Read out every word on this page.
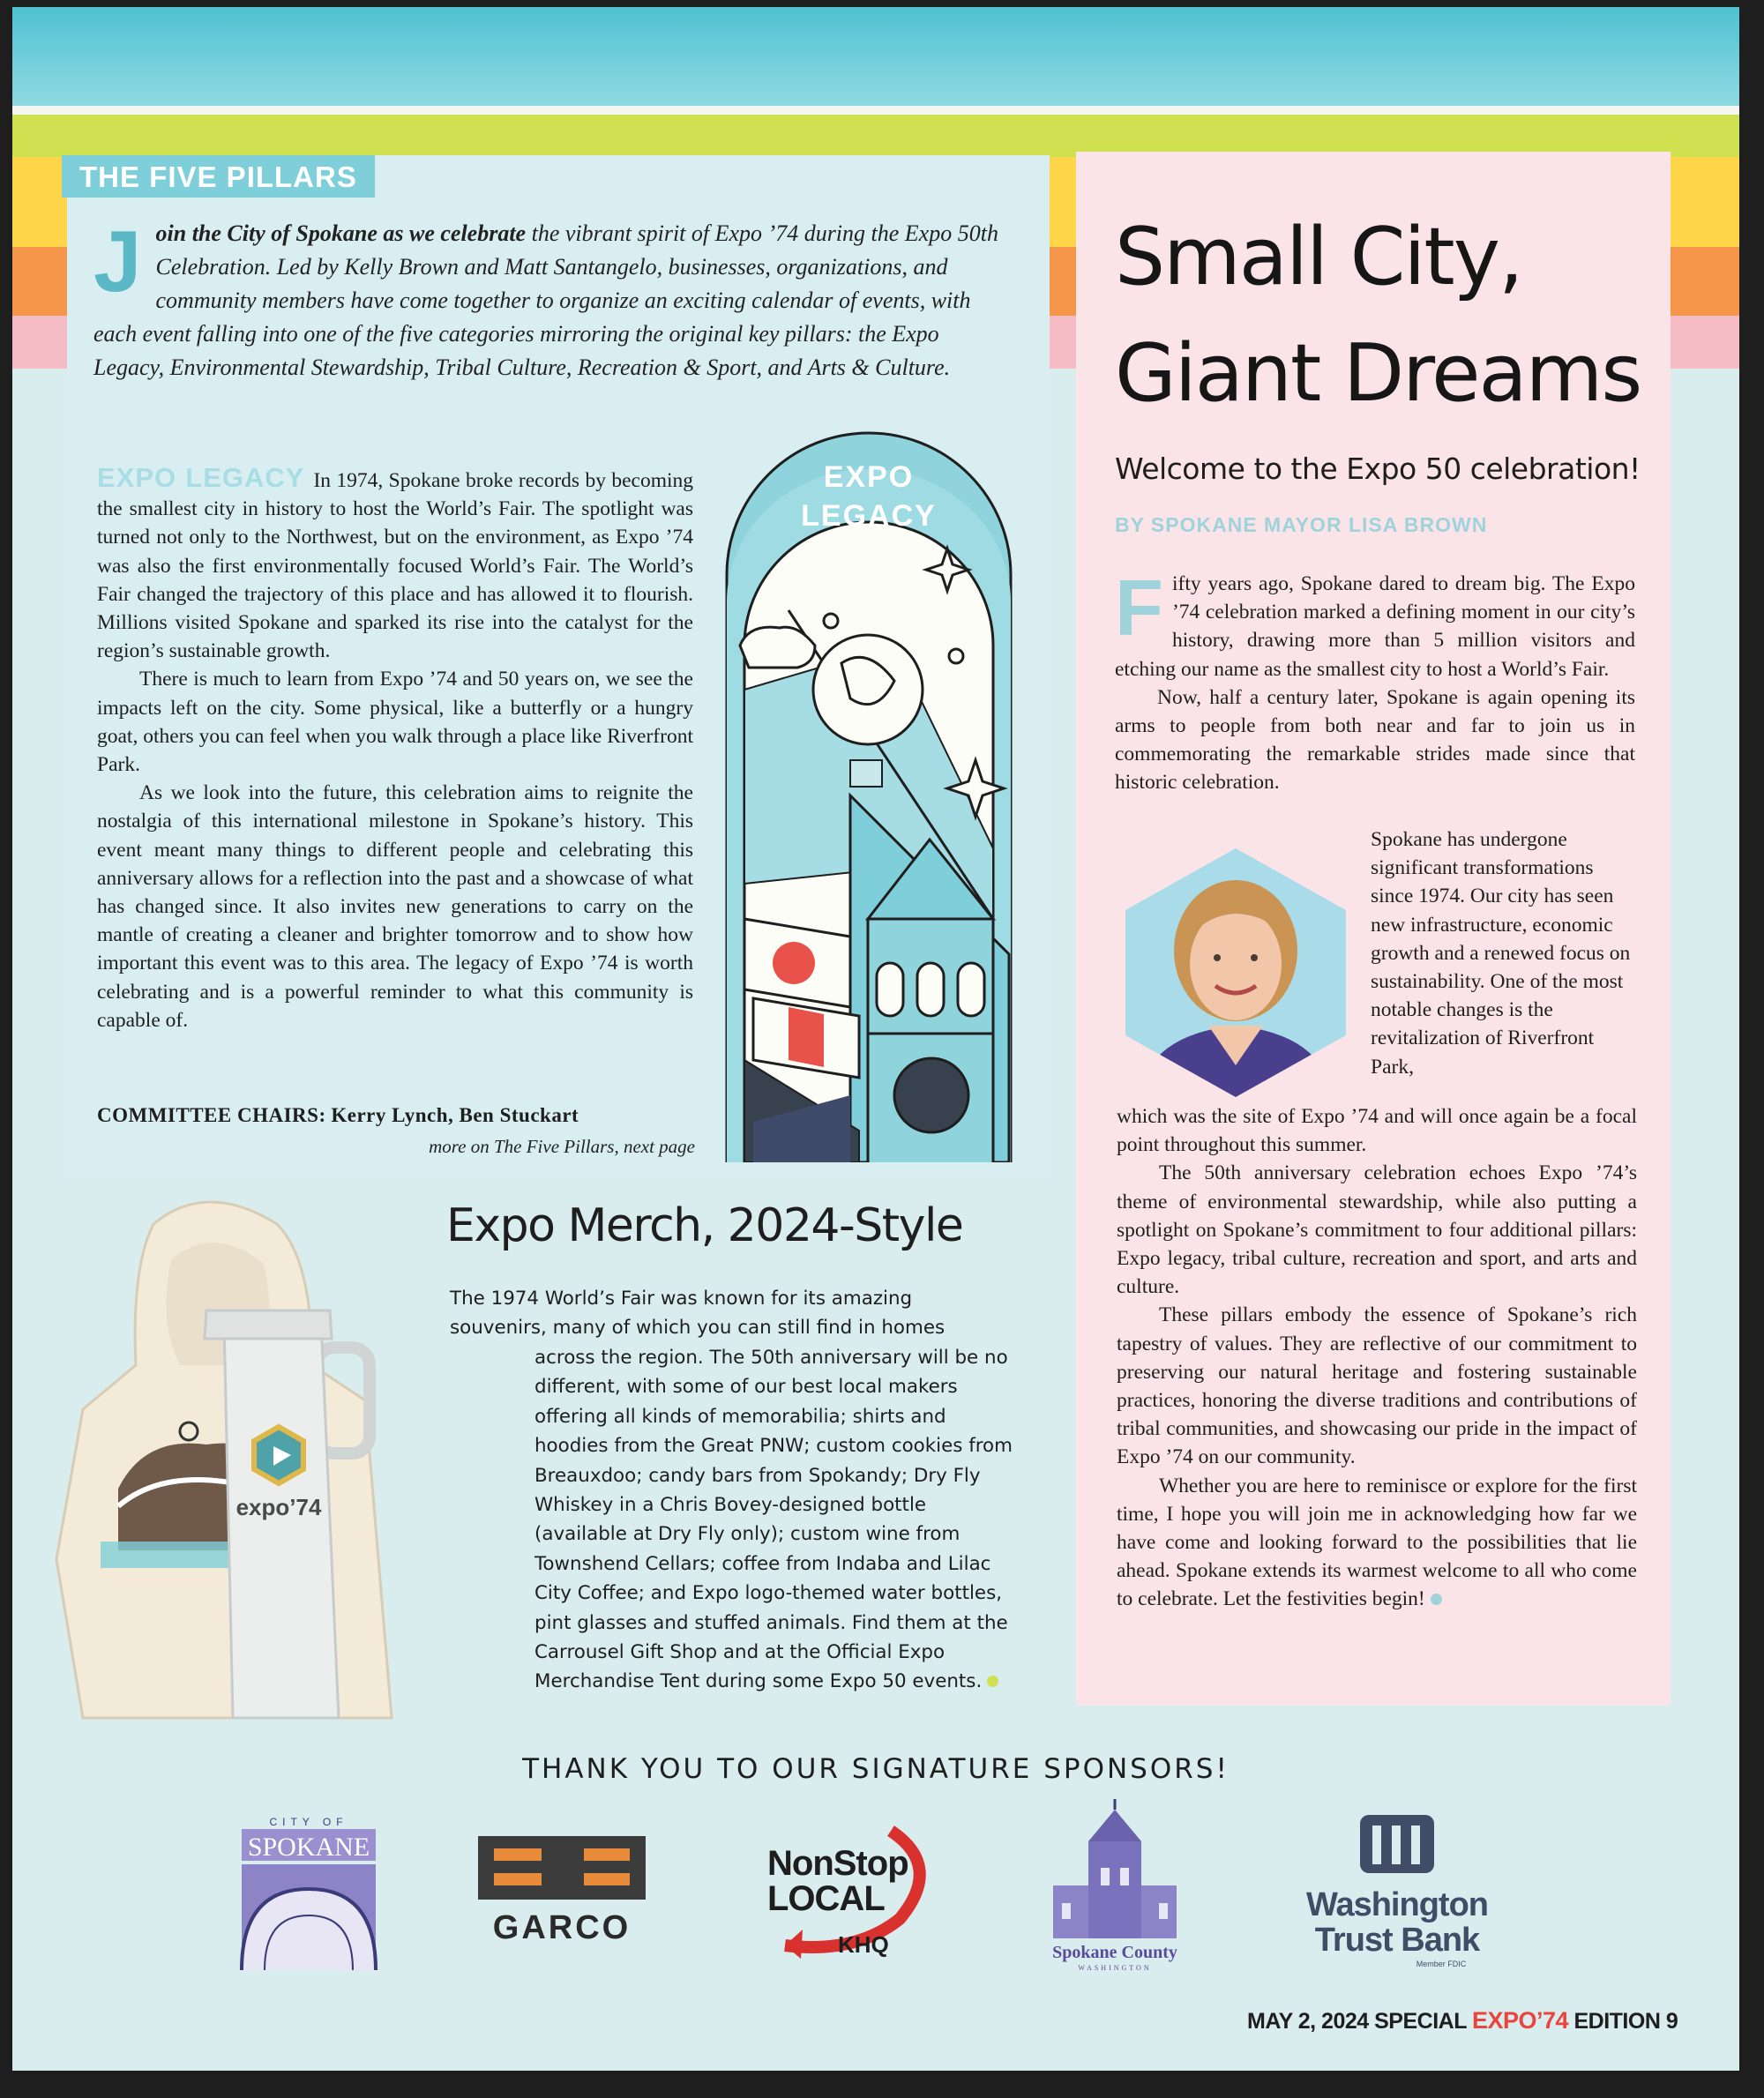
THE FIVE PILLARS
Join the City of Spokane as we celebrate the vibrant spirit of Expo ’74 during the Expo 50th Celebration. Led by Kelly Brown and Matt Santangelo, businesses, organizations, and community members have come together to organize an exciting calendar of events, with each event falling into one of the five categories mirroring the original key pillars: the Expo Legacy, Environmental Stewardship, Tribal Culture, Recreation & Sport, and Arts & Culture.

EXPO LEGACY In 1974, Spokane broke records by becoming the smallest city in history to host the World’s Fair. The spotlight was turned not only to the Northwest, but on the environment, as Expo ’74 was also the first environmentally focused World’s Fair. The World’s Fair changed the trajectory of this place and has allowed it to flourish. Millions visited Spokane and sparked its rise into the catalyst for the region’s sustainable growth.

There is much to learn from Expo ’74 and 50 years on, we see the impacts left on the city. Some physical, like a butterfly or a hungry goat, others you can feel when you walk through a place like Riverfront Park.

As we look into the future, this celebration aims to reignite the nostalgia of this international milestone in Spokane’s history. This event meant many things to different people and celebrating this anniversary allows for a reflection into the past and a showcase of what has changed since. It also invites new generations to carry on the mantle of creating a cleaner and brighter tomorrow and to show how important this event was to this area. The legacy of Expo ’74 is worth celebrating and is a powerful reminder to what this community is capable of.

COMMITTEE CHAIRS: Kerry Lynch, Ben Stuckart
more on The Five Pillars, next page
EXPO
LEGACY
Small City,
Giant Dreams
Welcome to the Expo 50 celebration!
BY SPOKANE MAYOR LISA BROWN

Fifty years ago, Spokane dared to dream big. The Expo ’74 celebration marked a defining moment in our city’s history, drawing more than 5 million visitors and etching our name as the smallest city to host a World’s Fair.

Now, half a century later, Spokane is again opening its arms to people from both near and far to join us in commemorating the remarkable strides made since that historic celebration.

Spokane has undergone significant transformations since 1974. Our city has seen new infrastructure, economic growth and a renewed focus on sustainability. One of the most notable changes is the revitalization of Riverfront Park,

which was the site of Expo ’74 and will once again be a focal point throughout this summer.

The 50th anniversary celebration echoes Expo ’74’s theme of environmental stewardship, while also putting a spotlight on Spokane’s commitment to four additional pillars: Expo legacy, tribal culture, recreation and sport, and arts and culture.

These pillars embody the essence of Spokane’s rich tapestry of values. They are reflective of our commitment to preserving our natural heritage and fostering sustainable practices, honoring the diverse traditions and contributions of tribal communities, and showcasing our pride in the impact of Expo ’74 on our community.

Whether you are here to reminisce or explore for the first time, I hope you will join me in acknowledging how far we have come and looking forward to the possibilities that lie ahead. Spokane extends its warmest welcome to all who come to celebrate. Let the festivities begin!

expo’74
Expo Merch, 2024-Style
The 1974 World’s Fair was known for its amazing souvenirs, many of which you can still find in homes
across the region. The 50th anniversary will be no different, with some of our best local makers offering all kinds of memorabilia; shirts and hoodies from the Great PNW; custom cookies from Breauxdoo; candy bars from Spokandy; Dry Fly Whiskey in a Chris Bovey-designed bottle (available at Dry Fly only); custom wine from Townshend Cellars; coffee from Indaba and Lilac City Coffee; and Expo logo-themed water bottles, pint glasses and stuffed animals. Find them at the Carrousel Gift Shop and at the Official Expo Merchandise Tent during some Expo 50 events.
THANK YOU TO OUR SIGNATURE SPONSORS!
CITY OF
SPOKANE
GARCO
NonStop
LOCAL
KHQ	Spokane County
WASHINGTON
Washington
Trust Bank
Member FDIC
MAY 2, 2024 SPECIAL EXPO’74 EDITION 9
